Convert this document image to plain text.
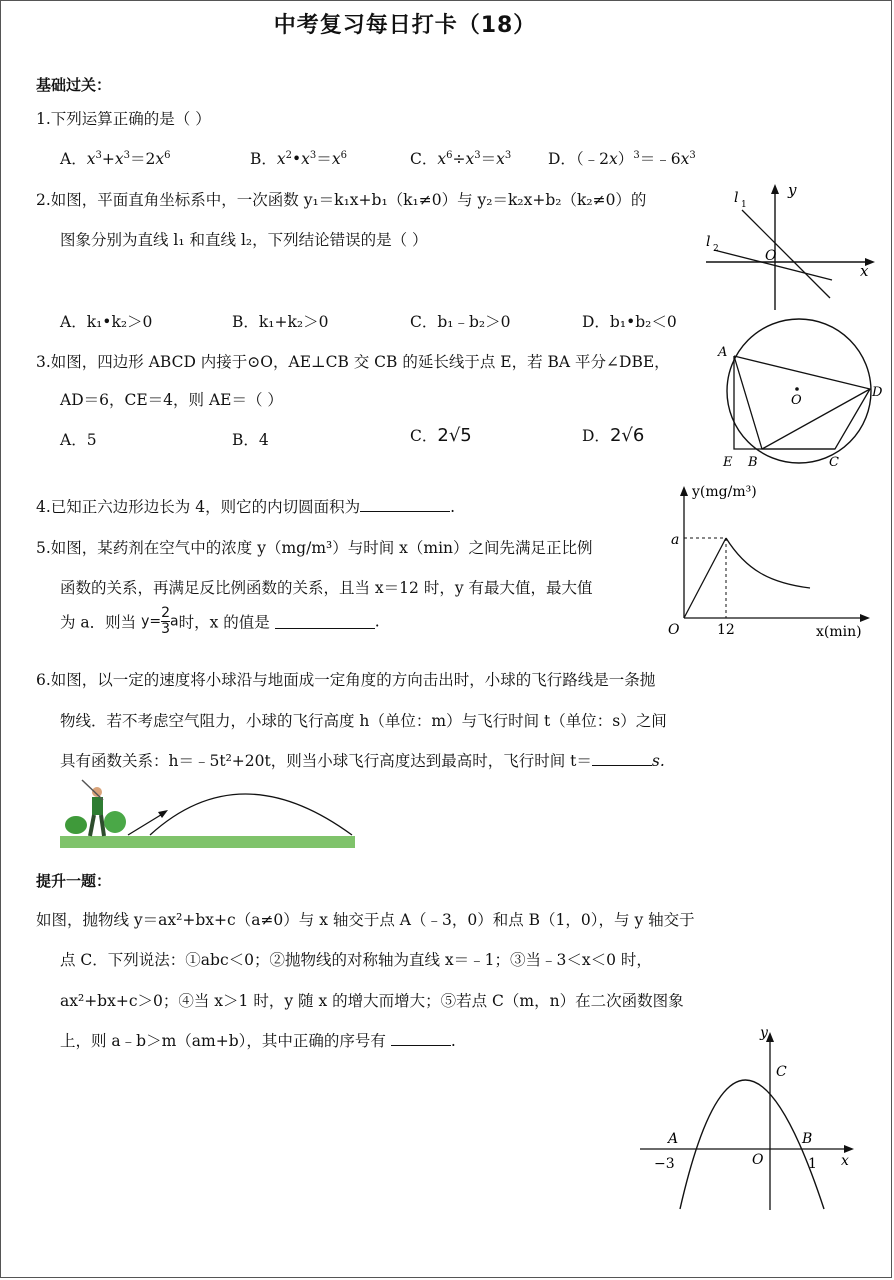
中考复习每日打卡（18）
基础过关：
1.下列运算正确的是（ ）
A．$x^3+x^3=2x^6$	B．$x^2•x^3=x^6$	C．$x^6\div x^3=x^3$ D．$(﹣2x)^3=﹣6x^3$
2.如图，平面直角坐标系中，一次函数 y₁＝k₁x+b₁（k₁≠0）与 y₂＝k₂x+b₂（k₂≠0）的
图象分别为直线 l₁ 和直线 l₂，下列结论错误的是（ ）
A．k₁•k₂＞0	B．k₁+k₂＞0	C．b₁﹣b₂＞0	D．b₁•b₂＜0
y
x
O
l 1
l 2
3.如图，四边形 ABCD 内接于⊙O，AE⊥CB 交 CB 的延长线于点 E，若 BA 平分∠DBE，
AD＝6，CE＝4，则 AE＝（ ）
A．5	B．4	C．2√5	D．2√6
A
D
O
E B	C
4.已知正六边形边长为 4，则它的内切圆面积为	.
5.如图，某药剂在空气中的浓度 y（mg/m³）与时间 x（min）之间先满足正比例
函数的关系，再满足反比例函数的关系，且当 x＝12 时，y 有最大值，最大值
为 a．则当 $y= \frac{2}{3}$ a时，x 的值是	.
y(mg/m³)
x(min)
a
O	12
6.如图，以一定的速度将小球沿与地面成一定角度的方向击出时，小球的飞行路线是一条抛
物线．若不考虑空气阻力，小球的飞行高度 h（单位：m）与飞行时间 t（单位：s）之间
具有函数关系：h＝﹣5t²+20t，则当小球飞行高度达到最高时，飞行时间 t＝	s.
提升一题：
如图，抛物线 y＝ax²+bx+c（a≠0）与 x 轴交于点 A（﹣3，0）和点 B（1，0），与 y 轴交于
点 C．下列说法：①abc＜0；②抛物线的对称轴为直线 x＝﹣1；③当﹣3＜x＜0 时，
ax²+bx+c＞0；④当 x＞1 时，y 随 x 的增大而增大；⑤若点 C（m，n）在二次函数图象
上，则 a﹣b＞m（am+b），其中正确的序号有	.	y
x
A	B
C
O
−3	1
